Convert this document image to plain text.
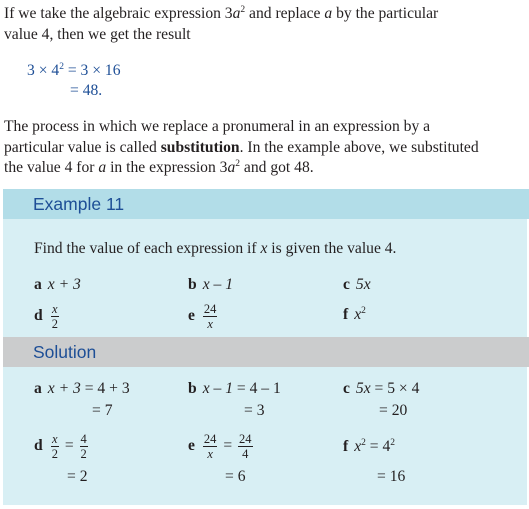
If we take the algebraic expression $3a^2$ and replace a by the particular
value 4, then we get the result
$3 \times 4^2 = 3 \times 16$
= 48.
The process in which we replace a pronumeral in an expression by a
particular value is called substitution. In the example above, we substituted
the value 4 for a in the expression $3a^2$ and got 48.
Example 11
Find the value of each expression if x is given the value 4.
a x + 3	b x – 1	c 5x
d $\frac{x}{2}$	e $\frac{24}{x}$	f $x^2$
Solution
a x + 3 = 4 + 3
= 7
b x – 1 = 4 – 1
= 3
c 5x = 5 × 4
= 20
d $\frac{x}{2} = \frac{4}{2}$
= 2
e $\frac{24}{x} = \frac{24}{4}$
= 6
f $x^2 = 4^2$
= 16
